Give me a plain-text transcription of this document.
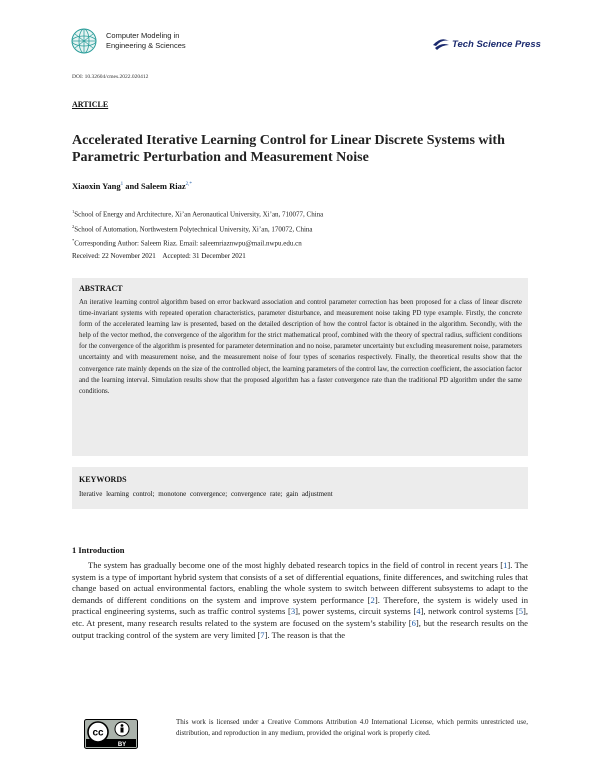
Computer Modeling in
Engineering & Sciences	Tech Science Press
DOI: 10.32604/cmes.2022.020412
ARTICLE
Accelerated Iterative Learning Control for Linear Discrete Systems with Parametric Perturbation and Measurement Noise
Xiaoxin Yang$^1$ and Saleem Riaz$^{2,*}$
$^1$School of Energy and Architecture, Xi’an Aeronautical University, Xi’an, 710077, China
$^2$School of Automation, Northwestern Polytechnical University, Xi’an, 170072, China
*Corresponding Author: Saleem Riaz. Email: saleemriaznwpu@mail.nwpu.edu.cn
Received: 22 November 2021    Accepted: 31 December 2021
ABSTRACT
An iterative learning control algorithm based on error backward association and control parameter correction has been proposed for a class of linear discrete time-invariant systems with repeated operation characteristics, parameter disturbance, and measurement noise taking PD type example. Firstly, the concrete form of the accelerated learning law is presented, based on the detailed description of how the control factor is obtained in the algorithm. Secondly, with the help of the vector method, the convergence of the algorithm for the strict mathematical proof, combined with the theory of spectral radius, sufficient conditions for the convergence of the algorithm is presented for parameter determination and no noise, parameter uncertainty but excluding measurement noise, parameters uncertainty and with measurement noise, and the measurement noise of four types of scenarios respectively. Finally, the theoretical results show that the convergence rate mainly depends on the size of the controlled object, the learning parameters of the control law, the correction coefficient, the association factor and the learning interval. Simulation results show that the proposed algorithm has a faster convergence rate than the traditional PD algorithm under the same conditions.
KEYWORDS
Iterative learning control; monotone convergence; convergence rate; gain adjustment
1 Introduction
The system has gradually become one of the most highly debated research topics in the field of control in recent years [1]. The system is a type of important hybrid system that consists of a set of differential equations, finite differences, and switching rules that change based on actual environmental factors, enabling the whole system to switch between different subsystems to adapt to the demands of different conditions on the system and improve system performance [2]. Therefore, the system is widely used in practical engineering systems, such as traffic control systems [3], power systems, circuit systems [4], network control systems [5], etc. At present, many research results related to the system are focused on the system’s stability [6], but the research results on the output tracking control of the system are very limited [7]. The reason is that the
cc
BY
This work is licensed under a Creative Commons Attribution 4.0 International License, which permits unrestricted use, distribution, and reproduction in any medium, provided the original work is properly cited.
